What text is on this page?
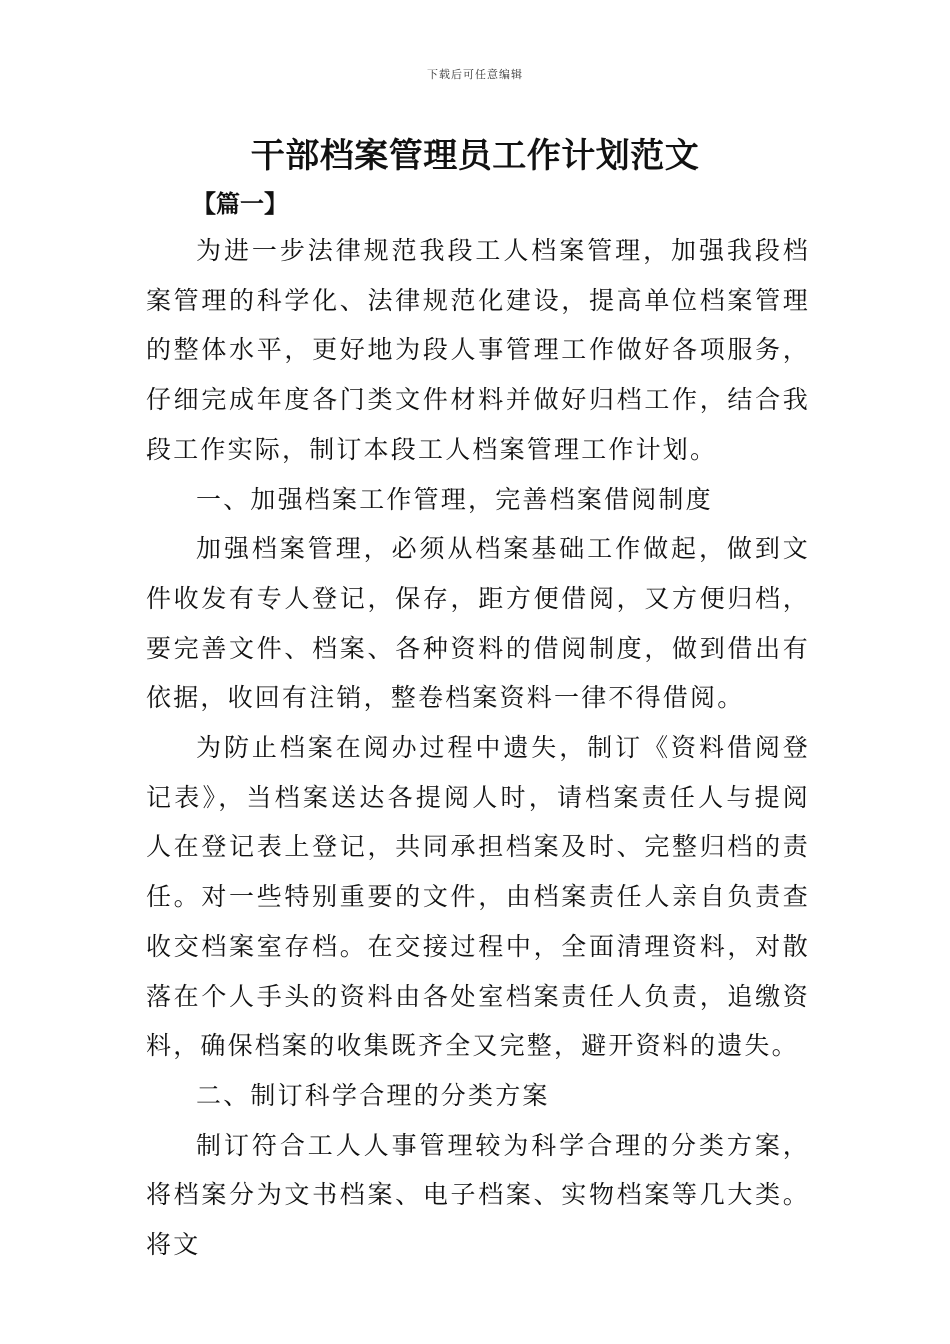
下载后可任意编辑
干部档案管理员工作计划范文
【篇一】

为进一步法律规范我段工人档案管理，加强我段档案管理的科学化、法律规范化建设，提高单位档案管理的整体水平，更好地为段人事管理工作做好各项服务，仔细完成年度各门类文件材料并做好归档工作，结合我段工作实际，制订本段工人档案管理工作计划。

一、加强档案工作管理，完善档案借阅制度

加强档案管理，必须从档案基础工作做起，做到文件收发有专人登记，保存，距方便借阅，又方便归档，要完善文件、档案、各种资料的借阅制度，做到借出有依据，收回有注销，整卷档案资料一律不得借阅。

为防止档案在阅办过程中遗失，制订《资料借阅登记表》，当档案送达各提阅人时，请档案责任人与提阅人在登记表上登记，共同承担档案及时、完整归档的责任。对一些特别重要的文件，由档案责任人亲自负责查收交档案室存档。在交接过程中，全面清理资料，对散落在个人手头的资料由各处室档案责任人负责，追缴资料，确保档案的收集既齐全又完整，避开资料的遗失。

二、制订科学合理的分类方案

制订符合工人人事管理较为科学合理的分类方案，将档案分为文书档案、电子档案、实物档案等几大类。将文
